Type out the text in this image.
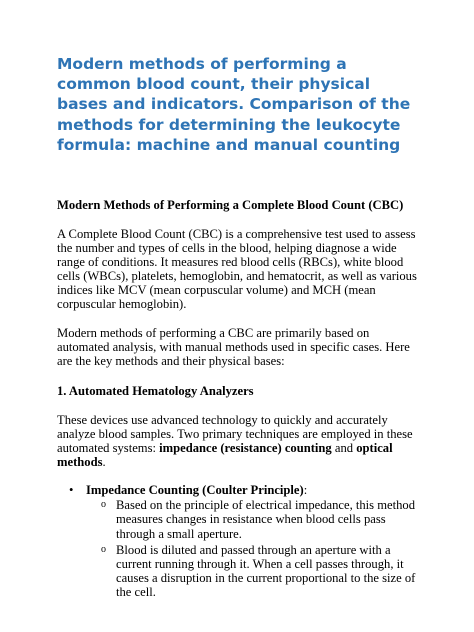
Modern methods of performing a common blood count, their physical bases and indicators. Comparison of the methods for determining the leukocyte formula: machine and manual counting
Modern Methods of Performing a Complete Blood Count (CBC)

A Complete Blood Count (CBC) is a comprehensive test used to assess the number and types of cells in the blood, helping diagnose a wide range of conditions. It measures red blood cells (RBCs), white blood cells (WBCs), platelets, hemoglobin, and hematocrit, as well as various indices like MCV (mean corpuscular volume) and MCH (mean corpuscular hemoglobin).

Modern methods of performing a CBC are primarily based on automated analysis, with manual methods used in specific cases. Here are the key methods and their physical bases:

1. Automated Hematology Analyzers

These devices use advanced technology to quickly and accurately analyze blood samples. Two primary techniques are employed in these automated systems: impedance (resistance) counting and optical methods.

• Impedance Counting (Coulter Principle):
o Based on the principle of electrical impedance, this method measures changes in resistance when blood cells pass through a small aperture.
o Blood is diluted and passed through an aperture with a current running through it. When a cell passes through, it causes a disruption in the current proportional to the size of the cell.
